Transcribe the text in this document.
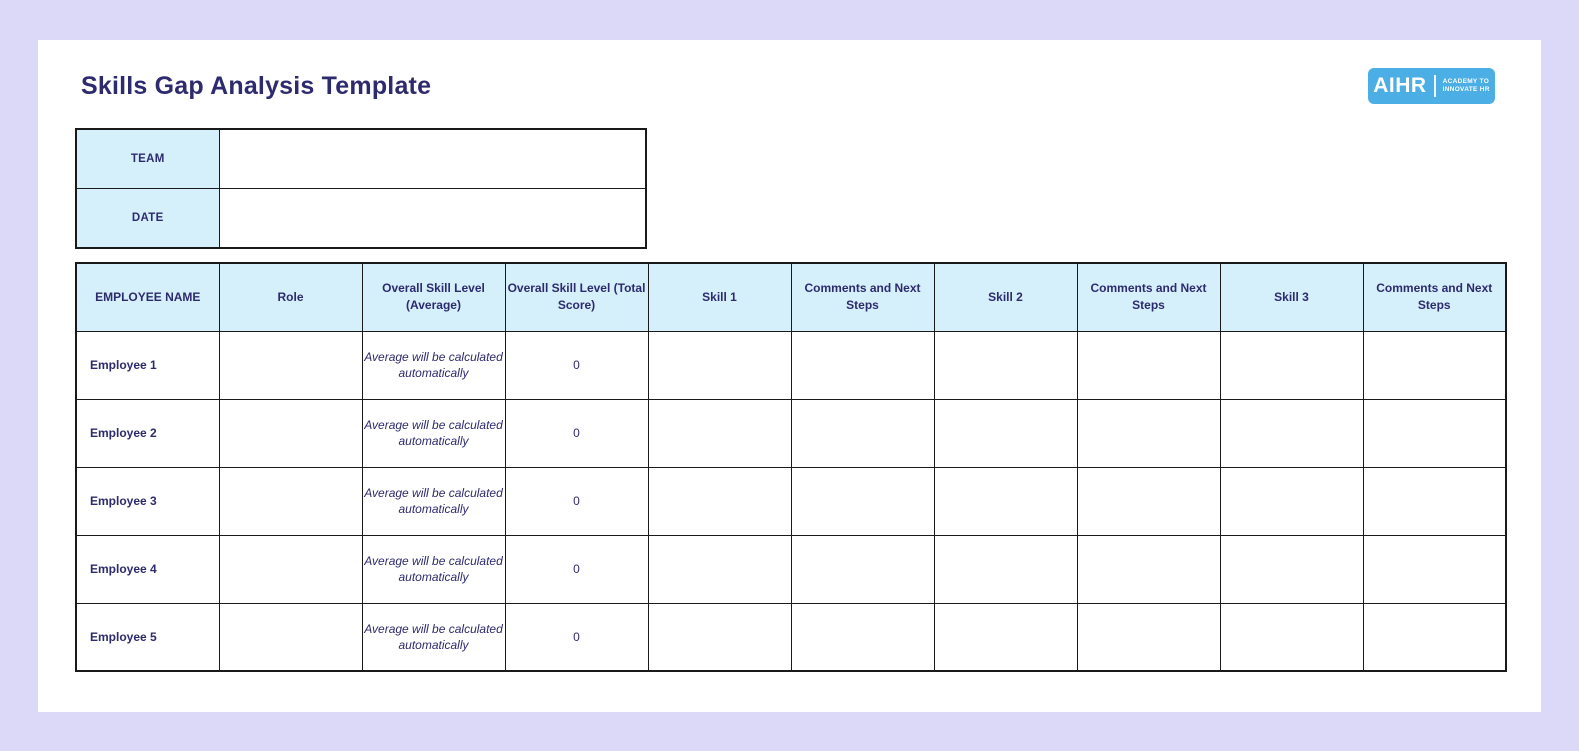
Skills Gap Analysis Template	AIHR ACADEMY TO
INNOVATE HR
TEAM	
DATE	
EMPLOYEE NAME	Role	Overall Skill Level (Average)	Overall Skill Level (Total Score)	Skill 1	Comments and Next Steps	Skill 2	Comments and Next Steps	Skill 3	Comments and Next Steps
Employee 1		Average will be calculated automatically	0						
Employee 2		Average will be calculated automatically	0						
Employee 3		Average will be calculated automatically	0						
Employee 4		Average will be calculated automatically	0						
Employee 5		Average will be calculated automatically	0						
